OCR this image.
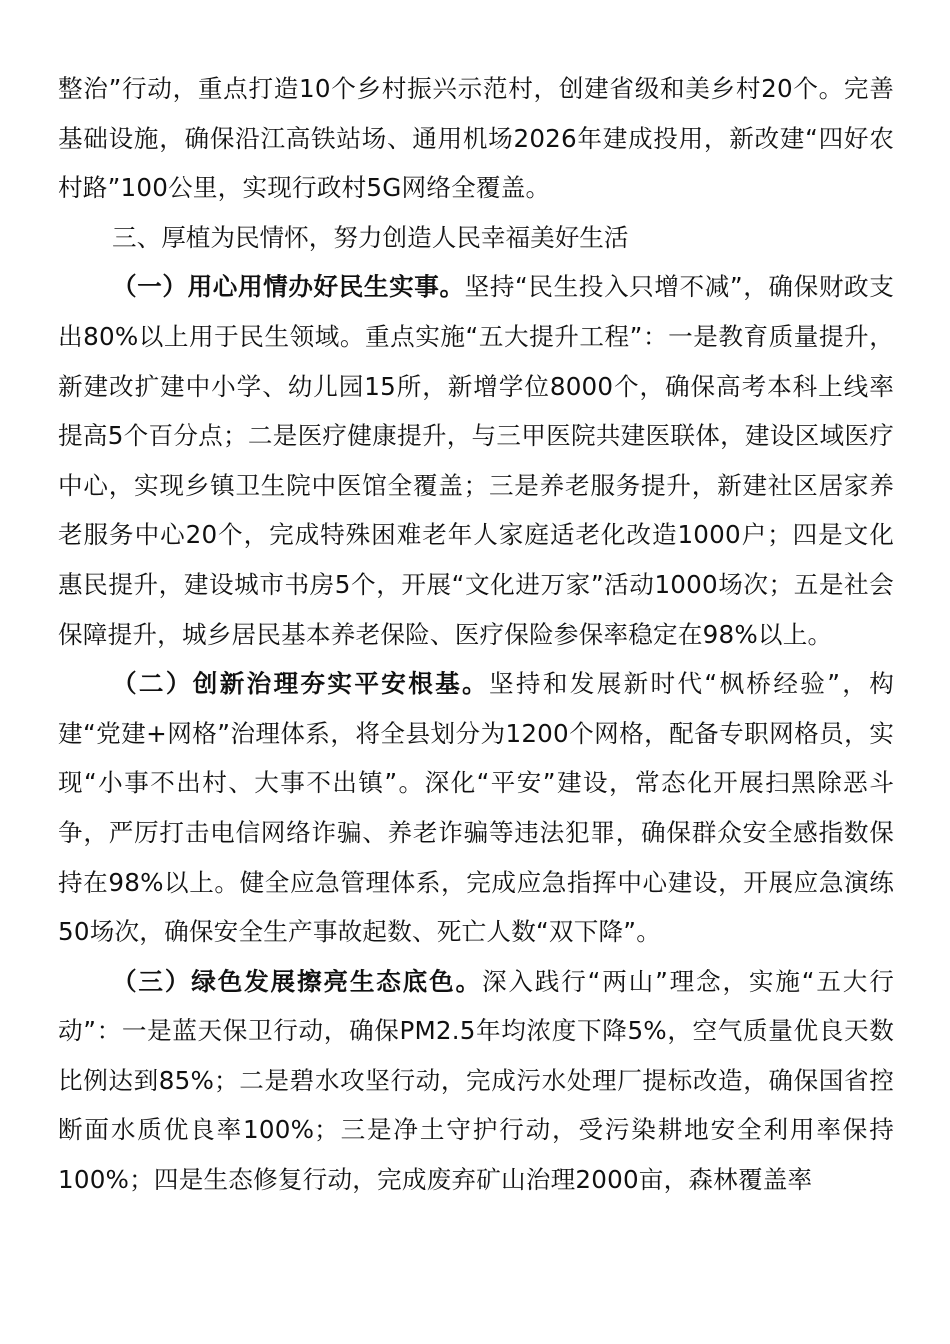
整治”行动，重点打造10个乡村振兴示范村，创建省级和美乡村20个。完善基础设施，确保沿江高铁站场、通用机场2026年建成投用，新改建“四好农村路”100公里，实现行政村5G网络全覆盖。

三、厚植为民情怀，努力创造人民幸福美好生活

（一）用心用情办好民生实事。坚持“民生投入只增不减”，确保财政支出80%以上用于民生领域。重点实施“五大提升工程”：一是教育质量提升，新建改扩建中小学、幼儿园15所，新增学位8000个，确保高考本科上线率提高5个百分点；二是医疗健康提升，与三甲医院共建医联体，建设区域医疗中心，实现乡镇卫生院中医馆全覆盖；三是养老服务提升，新建社区居家养老服务中心20个，完成特殊困难老年人家庭适老化改造1000户；四是文化惠民提升，建设城市书房5个，开展“文化进万家”活动1000场次；五是社会保障提升，城乡居民基本养老保险、医疗保险参保率稳定在98%以上。

（二）创新治理夯实平安根基。坚持和发展新时代“枫桥经验”，构建“党建+网格”治理体系，将全县划分为1200个网格，配备专职网格员，实现“小事不出村、大事不出镇”。深化“平安”建设，常态化开展扫黑除恶斗争，严厉打击电信网络诈骗、养老诈骗等违法犯罪，确保群众安全感指数保持在98%以上。健全应急管理体系，完成应急指挥中心建设，开展应急演练50场次，确保安全生产事故起数、死亡人数“双下降”。

（三）绿色发展擦亮生态底色。深入践行“两山”理念，实施“五大行动”：一是蓝天保卫行动，确保PM2.5年均浓度下降5%，空气质量优良天数比例达到85%；二是碧水攻坚行动，完成污水处理厂提标改造，确保国省控断面水质优良率100%；三是净土守护行动，受污染耕地安全利用率保持100%；四是生态修复行动，完成废弃矿山治理2000亩，森林覆盖率
